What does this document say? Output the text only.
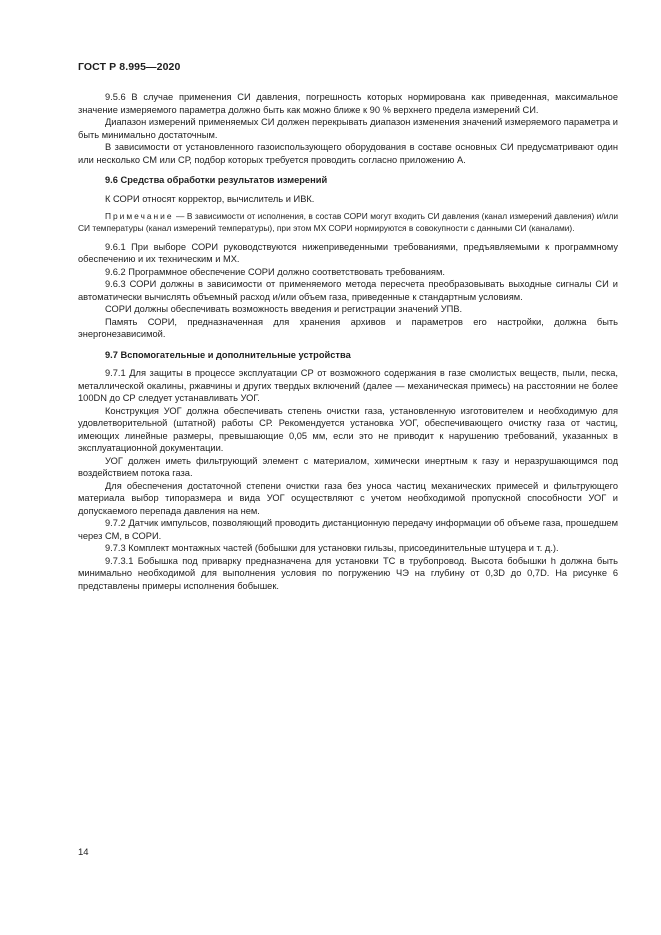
ГОСТ Р 8.995—2020

9.5.6 В случае применения СИ давления, погрешность которых нормирована как приведенная, максимальное значение измеряемого параметра должно быть как можно ближе к 90 % верхнего предела измерений СИ.

Диапазон измерений применяемых СИ должен перекрывать диапазон изменения значений измеряемого параметра и быть минимально достаточным.

В зависимости от установленного газоиспользующего оборудования в составе основных СИ предусматривают один или несколько СМ или СР, подбор которых требуется проводить согласно приложению А.

9.6 Средства обработки результатов измерений

К СОРИ относят корректор, вычислитель и ИВК.

Примечание — В зависимости от исполнения, в состав СОРИ могут входить СИ давления (канал измерений давления) и/или СИ температуры (канал измерений температуры), при этом МХ СОРИ нормируются в совокупности с данными СИ (каналами).

9.6.1 При выборе СОРИ руководствуются нижеприведенными требованиями, предъявляемыми к программному обеспечению и их техническим и МХ.

9.6.2 Программное обеспечение СОРИ должно соответствовать требованиям.

9.6.3 СОРИ должны в зависимости от применяемого метода пересчета преобразовывать выходные сигналы СИ и автоматически вычислять объемный расход и/или объем газа, приведенные к стандартным условиям.

СОРИ должны обеспечивать возможность введения и регистрации значений УПВ.

Память СОРИ, предназначенная для хранения архивов и параметров его настройки, должна быть энергонезависимой.

9.7 Вспомогательные и дополнительные устройства

9.7.1 Для защиты в процессе эксплуатации СР от возможного содержания в газе смолистых веществ, пыли, песка, металлической окалины, ржавчины и других твердых включений (далее — механическая примесь) на расстоянии не более 100DN до СР следует устанавливать УОГ.

Конструкция УОГ должна обеспечивать степень очистки газа, установленную изготовителем и необходимую для удовлетворительной (штатной) работы СР. Рекомендуется установка УОГ, обеспечивающего очистку газа от частиц, имеющих линейные размеры, превышающие 0,05 мм, если это не приводит к нарушению требований, указанных в эксплуатационной документации.

УОГ должен иметь фильтрующий элемент с материалом, химически инертным к газу и неразрушающимся под воздействием потока газа.

Для обеспечения достаточной степени очистки газа без уноса частиц механических примесей и фильтрующего материала выбор типоразмера и вида УОГ осуществляют с учетом необходимой пропускной способности УОГ и допускаемого перепада давления на нем.

9.7.2 Датчик импульсов, позволяющий проводить дистанционную передачу информации об объеме газа, прошедшем через СМ, в СОРИ.

9.7.3 Комплект монтажных частей (бобышки для установки гильзы, присоединительные штуцера и т. д.).

9.7.3.1 Бобышка под приварку предназначена для установки ТС в трубопровод. Высота бобышки h должна быть минимально необходимой для выполнения условия по погружению ЧЭ на глубину от 0,3D до 0,7D. На рисунке 6 представлены примеры исполнения бобышек.

14
